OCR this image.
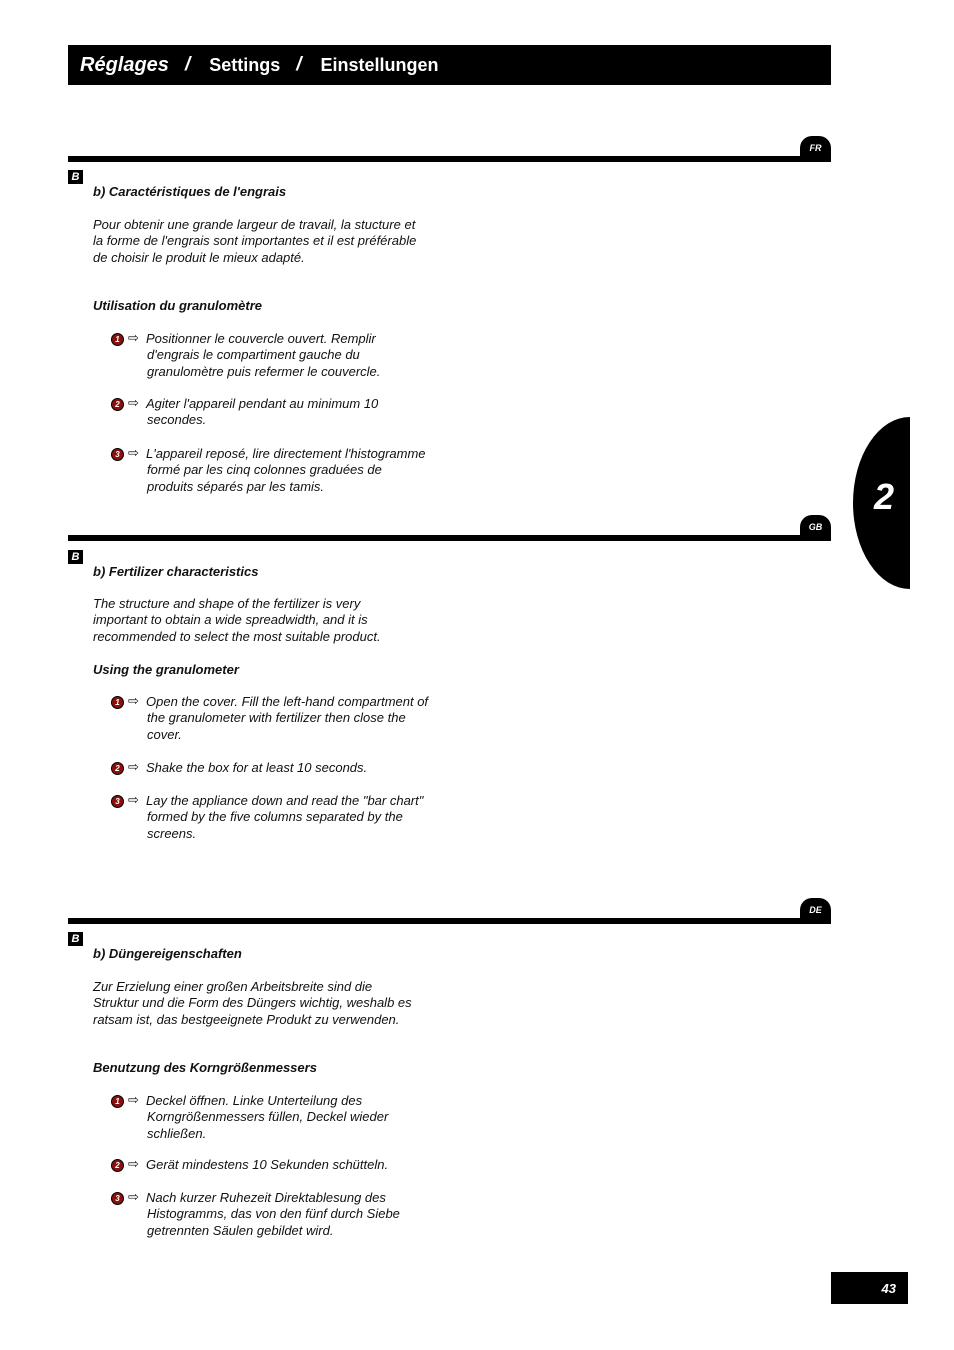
Réglages / Settings / Einstellungen
2
FR
B
b) Caractéristiques de l'engrais
Pour obtenir une grande largeur de travail, la stucture et la forme de l'engrais sont importantes et il est préférable de choisir le produit le mieux adapté.
Utilisation du granulomètre
1 ⇨ Positionner le couvercle ouvert. Remplir d'engrais le compartiment gauche du granulomètre puis refermer le couvercle.
2 ⇨ Agiter l'appareil pendant au minimum 10 secondes.
3 ⇨ L'appareil reposé, lire directement l'histogramme formé par les cinq colonnes graduées de produits séparés par les tamis.
GB
B
b) Fertilizer characteristics
The structure and shape of the fertilizer is very important to obtain a wide spreadwidth, and it is recommended to select the most suitable product.
Using the granulometer
1 ⇨ Open the cover. Fill the left-hand compartment of the granulometer with fertilizer then close the cover.
2 ⇨ Shake the box for at least 10 seconds.
3 ⇨ Lay the appliance down and read the "bar chart" formed by the five columns separated by the screens.
DE
B
b) Düngereigenschaften
Zur Erzielung einer großen Arbeitsbreite sind die Struktur und die Form des Düngers wichtig, weshalb es ratsam ist, das bestgeeignete Produkt zu verwenden.
Benutzung des Korngrößenmessers
1 ⇨ Deckel öffnen. Linke Unterteilung des Korngrößenmessers füllen, Deckel wieder schließen.
2 ⇨ Gerät mindestens 10 Sekunden schütteln.
3 ⇨ Nach kurzer Ruhezeit Direktablesung des Histogramms, das von den fünf durch Siebe getrennten Säulen gebildet wird.
43
